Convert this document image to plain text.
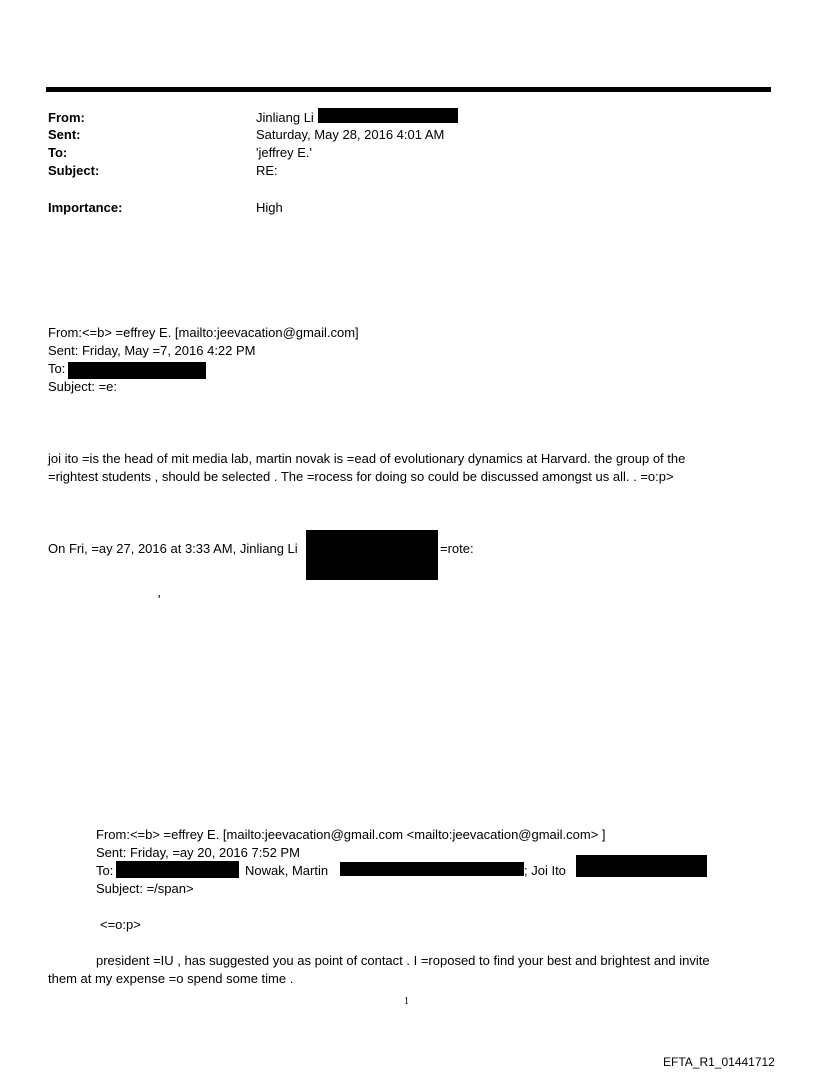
From:	Jinliang Li
Sent:	Saturday, May 28, 2016 4:01 AM
To:	'jeffrey E.'
Subject:	RE:
Importance:	High
From:<=b> =effrey E. [mailto:jeevacation@gmail.com]
Sent: Friday, May =7, 2016 4:22 PM
To:
Subject: =e:
joi ito =is the head of mit media lab, martin novak is =ead of evolutionary dynamics at Harvard. the group of the
=rightest students , should be selected . The =rocess for doing so could be discussed amongst us all. . =o:p>
On Fri, =ay 27, 2016 at 3:33 AM, Jinliang Li	=rote:
'
From:<=b> =effrey E. [mailto:jeevacation@gmail.com <mailto:jeevacation@gmail.com> ]
Sent: Friday, =ay 20, 2016 7:52 PM
To:	Nowak, Martin	; Joi Ito
Subject: =/span>
<=o:p>
president =IU , has suggested you as point of contact . I =roposed to find your best and brightest and invite
them at my expense =o spend some time .
1
EFTA_R1_01441712
